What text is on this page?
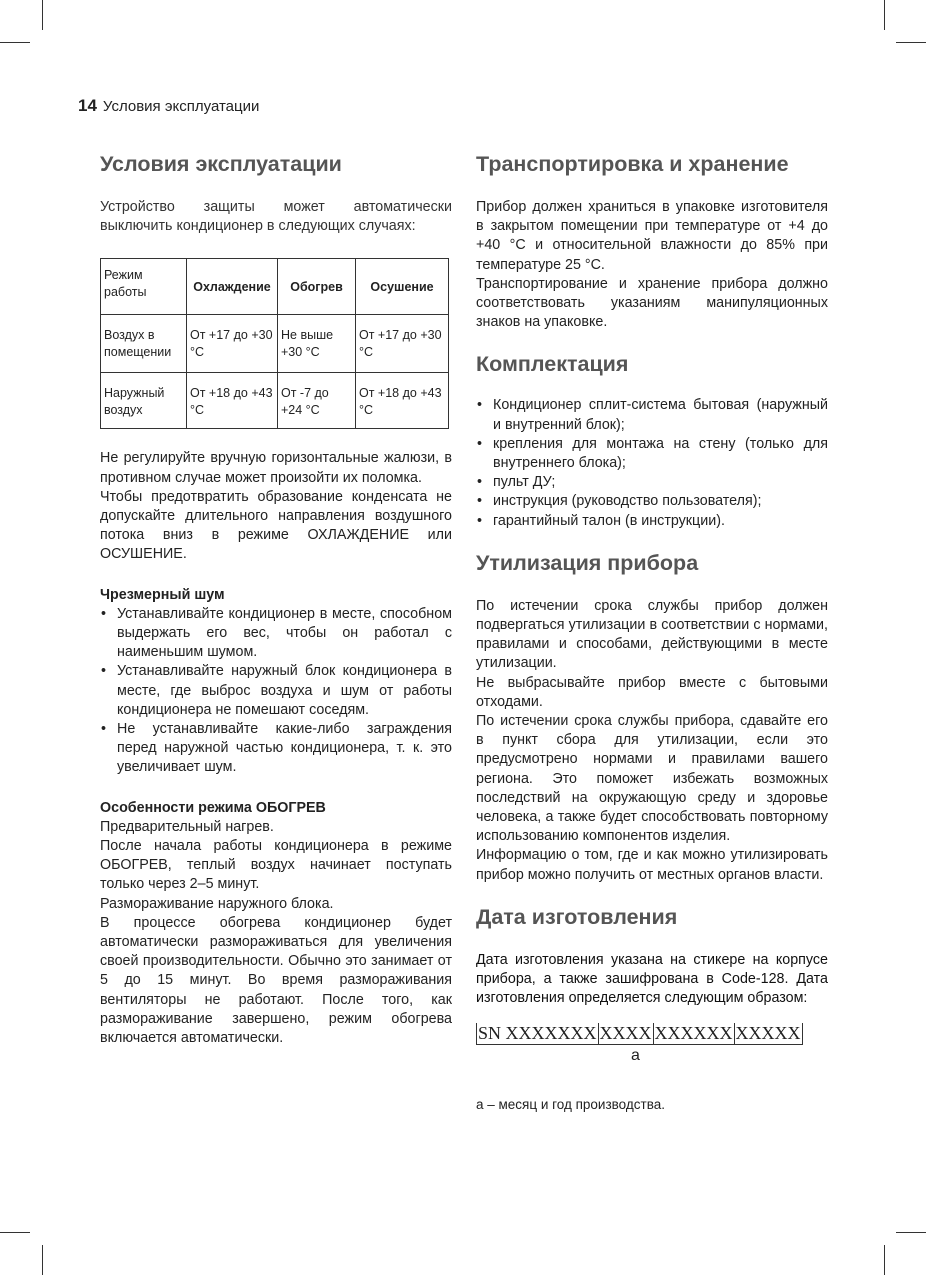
14 Условия эксплуатации
Условия эксплуатации

Устройство защиты может автоматически выключить кондиционер в следующих случаях:

Режим работы	Охлаждение	Обогрев	Осушение
Воздух в помещении	От +17 до +30 °C	Не выше +30 °C	От +17 до +30 °C
Наружный воздух	От +18 до +43 °C	От -7 до +24 °C	От +18 до +43 °C

Не регулируйте вручную горизонтальные жалюзи, в противном случае может произойти их поломка.

Чтобы предотвратить образование конденсата не допускайте длительного направления воздушного потока вниз в режиме ОХЛАЖДЕНИЕ или ОСУШЕНИЕ.

Чрезмерный шум
• Устанавливайте кондиционер в месте, способном выдержать его вес, чтобы он работал с наименьшим шумом.
• Устанавливайте наружный блок кондиционера в месте, где выброс воздуха и шум от работы кондиционера не помешают соседям.
• Не устанавливайте какие-либо заграждения перед наружной частью кондиционера, т. к. это увеличивает шум.
Особенности режима ОБОГРЕВ
Предварительный нагрев.

После начала работы кондиционера в режиме ОБОГРЕВ, теплый воздух начинает поступать только через 2–5 минут.

Размораживание наружного блока.

В процессе обогрева кондиционер будет автоматически размораживаться для увеличения своей производительности. Обычно это занимает от 5 до 15 минут. Во время размораживания вентиляторы не работают. После того, как размораживание завершено, режим обогрева включается автоматически.

Транспортировка и хранение

Прибор должен храниться в упаковке изготовителя в закрытом помещении при температуре от +4 до +40 °C и относительной влажности до 85% при температуре 25 °C.

Транспортирование и хранение прибора должно соответствовать указаниям манипуляционных знаков на упаковке.

Комплектация
• Кондиционер сплит-система бытовая (наружный и внутренний блок);
• крепления для монтажа на стену (только для внутреннего блока);
• пульт ДУ;
• инструкция (руководство пользователя);
• гарантийный талон (в инструкции).
Утилизация прибора

По истечении срока службы прибор должен подвергаться утилизации в соответствии с нормами, правилами и способами, действующими в месте утилизации.

Не выбрасывайте прибор вместе с бытовыми отходами.

По истечении срока службы прибора, сдавайте его в пункт сбора для утилизации, если это предусмотрено нормами и правилами вашего региона. Это поможет избежать возможных последствий на окружающую среду и здоровье человека, а также будет способствовать повторному использованию компонентов изделия.

Информацию о том, где и как можно утилизировать прибор можно получить от местных органов власти.

Дата изготовления

Дата изготовления указана на стикере на корпусе прибора, а также зашифрована в Code-128. Дата изготовления определяется следующим образом:

SN XXXXXXX XXXX XXXXXX XXXXX
a

а – месяц и год производства.
